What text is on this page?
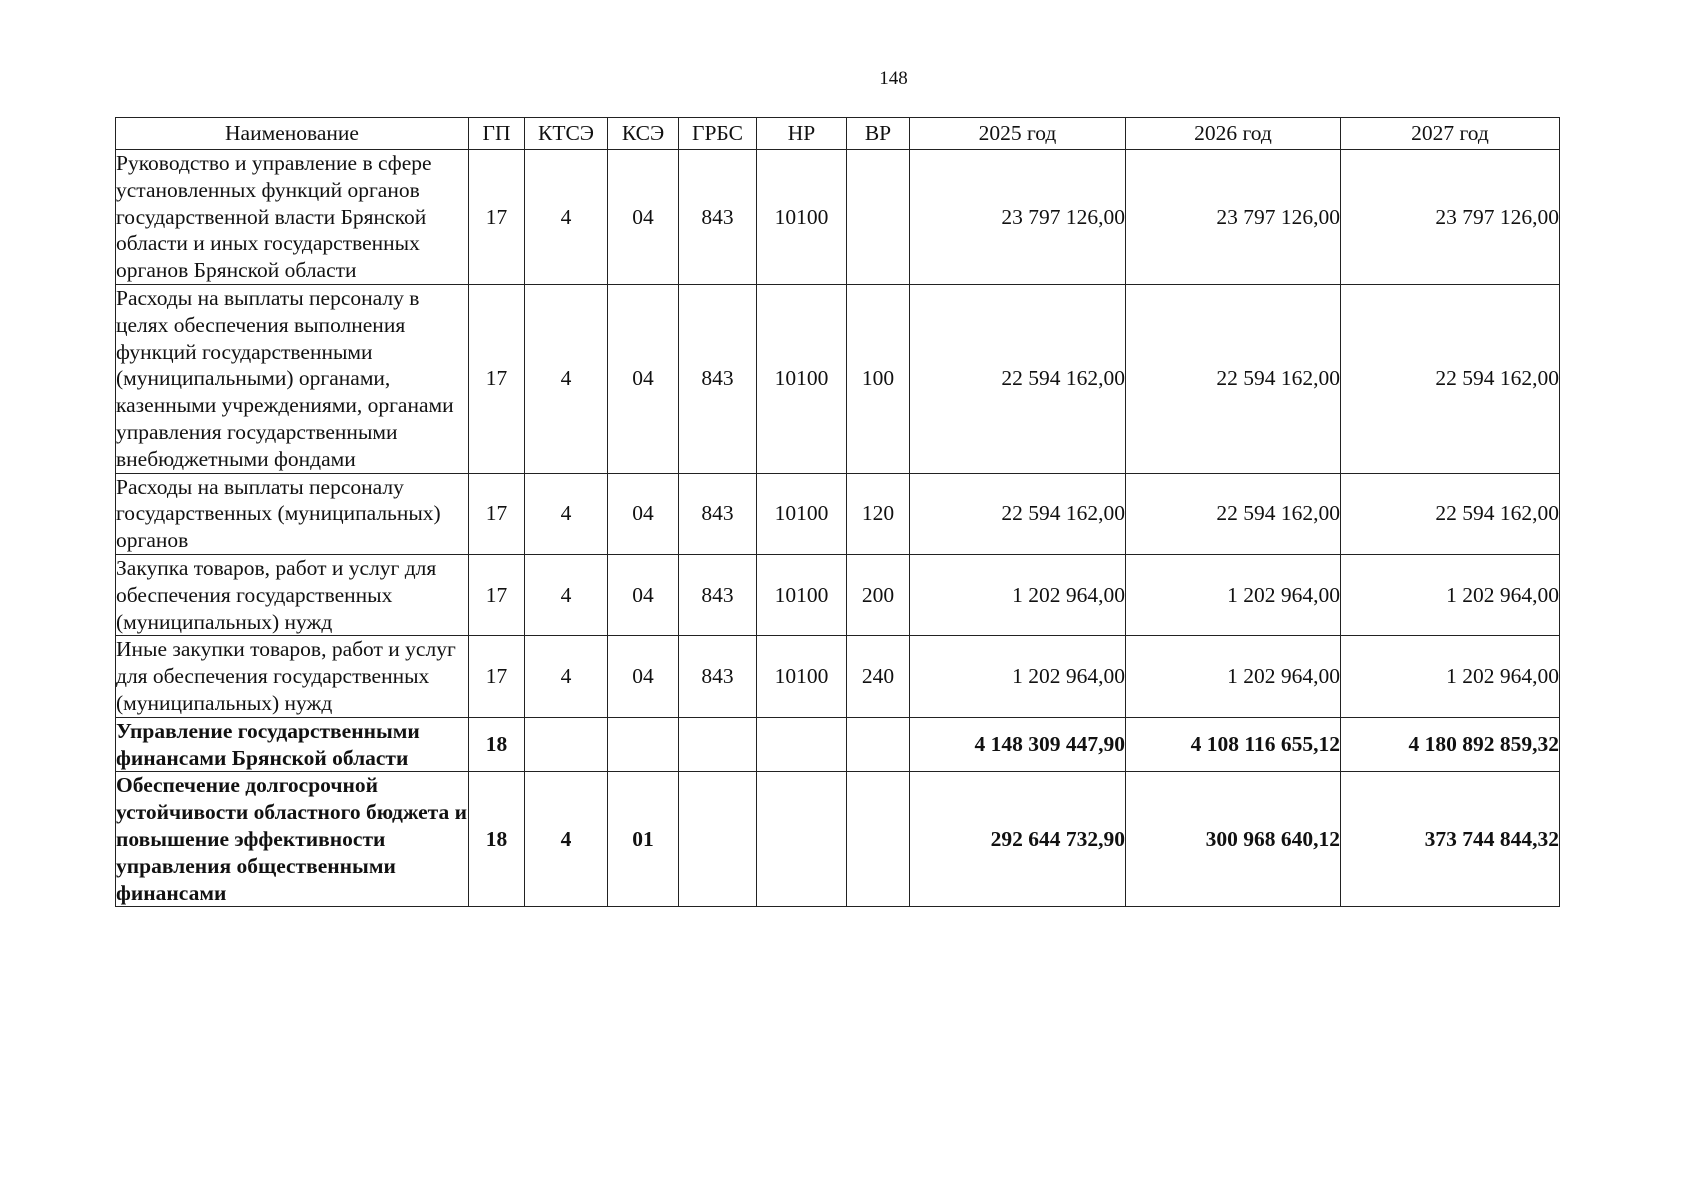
148
Наименование	ГП	КТСЭ	КСЭ	ГРБС	НР	ВР	2025 год	2026 год	2027 год
Руководство и управление в сфере установленных функций органов государственной власти Брянской области и иных государственных органов Брянской области	17	4	04	843	10100		23 797 126,00	23 797 126,00	23 797 126,00
Расходы на выплаты персоналу в целях обеспечения выполнения функций государственными (муниципальными) органами, казенными учреждениями, органами управления государственными внебюджетными фондами	17	4	04	843	10100	100	22 594 162,00	22 594 162,00	22 594 162,00
Расходы на выплаты персоналу государственных (муниципальных) органов	17	4	04	843	10100	120	22 594 162,00	22 594 162,00	22 594 162,00
Закупка товаров, работ и услуг для обеспечения государственных (муниципальных) нужд	17	4	04	843	10100	200	1 202 964,00	1 202 964,00	1 202 964,00
Иные закупки товаров, работ и услуг для обеспечения государственных (муниципальных) нужд	17	4	04	843	10100	240	1 202 964,00	1 202 964,00	1 202 964,00
Управление государственными финансами Брянской области	18						4 148 309 447,90	4 108 116 655,12	4 180 892 859,32
Обеспечение долгосрочной устойчивости областного бюджета и повышение эффективности управления общественными финансами	18	4	01				292 644 732,90	300 968 640,12	373 744 844,32
